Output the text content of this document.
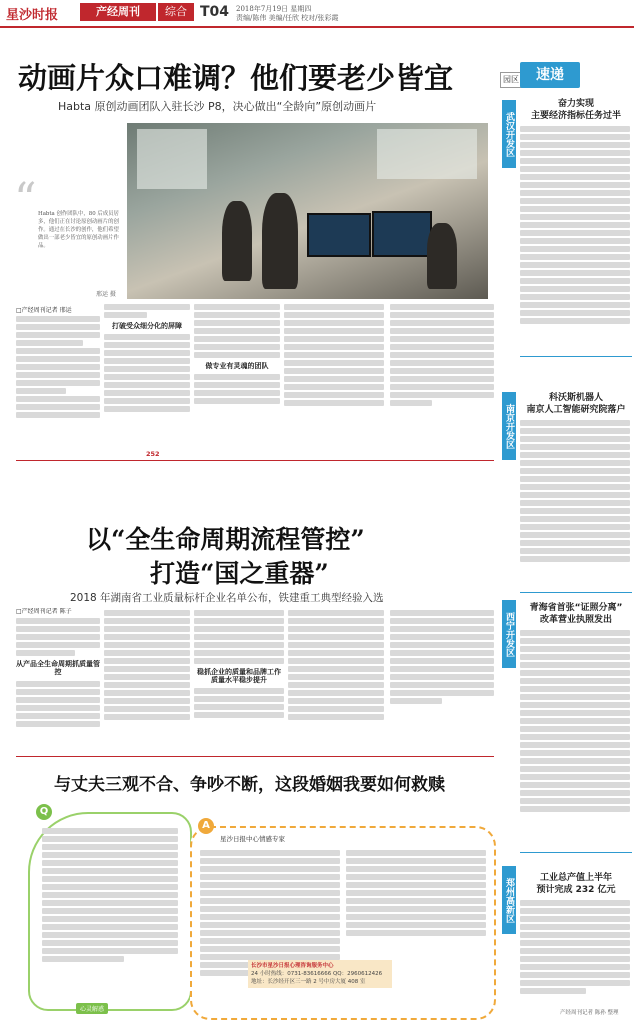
星沙时报	产经周刊	综合 T04 2018年7月19日 星期四
责编/陈伟 美编/任欣 校对/张彩霞
动画片众口难调？他们要老少皆宜
Habta 原创动画团队入驻长沙 P8，决心做出“全龄向”原创动画片
“ Habta 创作团队中，80 后成员居多，他们正在讨论原创动画片的创作。通过在长沙的创作，他们希望做出一部老少皆宜的原创动画片作品。
邢运 摄
□产经周刊记者 邢运
打破受众细分化的屏障
做专业有灵魂的团队
252
以“全生命周期流程管控”
打造“国之重器”
2018 年湖南省工业质量标杆企业名单公布，铁建重工典型经验入选
□产经周刊记者 陈子
从产品全生命周期抓质量管控	稳抓企业的质量和品牌工作质量水平稳步提升
与丈夫三观不合、争吵不断，这段婚姻我要如何救赎
Q
心灵解惑
A
星沙日报中心情感专家
长沙市星沙日报心理咨询服务中心
24 小时热线：0731-83616666 QQ：2960612426
地址：长沙经开区三一路 2 号中房大厦 408 室
园区	速递
武汉开发区
奋力实现
主要经济指标任务过半
南京开发区
科沃斯机器人
南京人工智能研究院落户
西宁开发区
青海省首张“证照分离”
改革营业执照发出
郑州高新区	工业总产值上半年
预计完成 232 亿元
产经周刊记者 陈孙 整理
